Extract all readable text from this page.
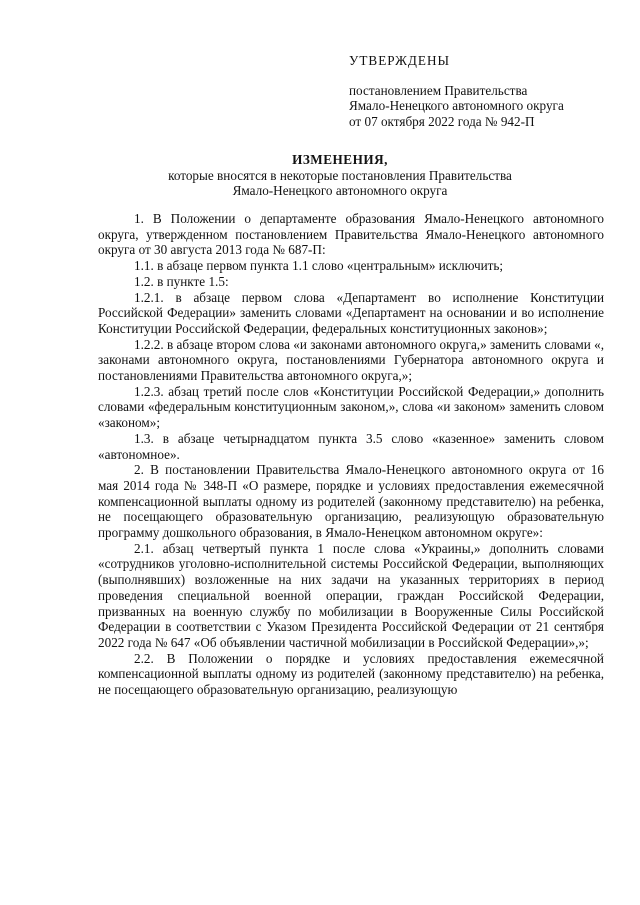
УТВЕРЖДЕНЫ
постановлением Правительства
Ямало-Ненецкого автономного округа
от 07 октября 2022 года № 942-П
ИЗМЕНЕНИЯ,
которые вносятся в некоторые постановления Правительства
Ямало-Ненецкого автономного округа

1. В Положении о департаменте образования Ямало-Ненецкого автономного округа, утвержденном постановлением Правительства Ямало-Ненецкого автономного округа от 30 августа 2013 года № 687-П:

1.1. в абзаце первом пункта 1.1 слово «центральным» исключить;

1.2. в пункте 1.5:

1.2.1. в абзаце первом слова «Департамент во исполнение Конституции Российской Федерации» заменить словами «Департамент на основании и во исполнение Конституции Российской Федерации, федеральных конституционных законов»;

1.2.2. в абзаце втором слова «и законами автономного округа,» заменить словами «, законами автономного округа, постановлениями Губернатора автономного округа и постановлениями Правительства автономного округа,»;

1.2.3. абзац третий после слов «Конституции Российской Федерации,» дополнить словами «федеральным конституционным законом,», слова «и законом» заменить словом «законом»;

1.3. в абзаце четырнадцатом пункта 3.5 слово «казенное» заменить словом «автономное».

2. В постановлении Правительства Ямало-Ненецкого автономного округа от 16 мая 2014 года № 348-П «О размере, порядке и условиях предоставления ежемесячной компенсационной выплаты одному из родителей (законному представителю) на ребенка, не посещающего образовательную организацию, реализующую образовательную программу дошкольного образования, в Ямало-Ненецком автономном округе»:

2.1. абзац четвертый пункта 1 после слова «Украины,» дополнить словами «сотрудников уголовно-исполнительной системы Российской Федерации, выполняющих (выполнявших) возложенные на них задачи на указанных территориях в период проведения специальной военной операции, граждан Российской Федерации, призванных на военную службу по мобилизации в Вооруженные Силы Российской Федерации в соответствии с Указом Президента Российской Федерации от 21 сентября 2022 года № 647 «Об объявлении частичной мобилизации в Российской Федерации»,»;

2.2. В Положении о порядке и условиях предоставления ежемесячной компенсационной выплаты одному из родителей (законному представителю) на ребенка, не посещающего образовательную организацию, реализующую
